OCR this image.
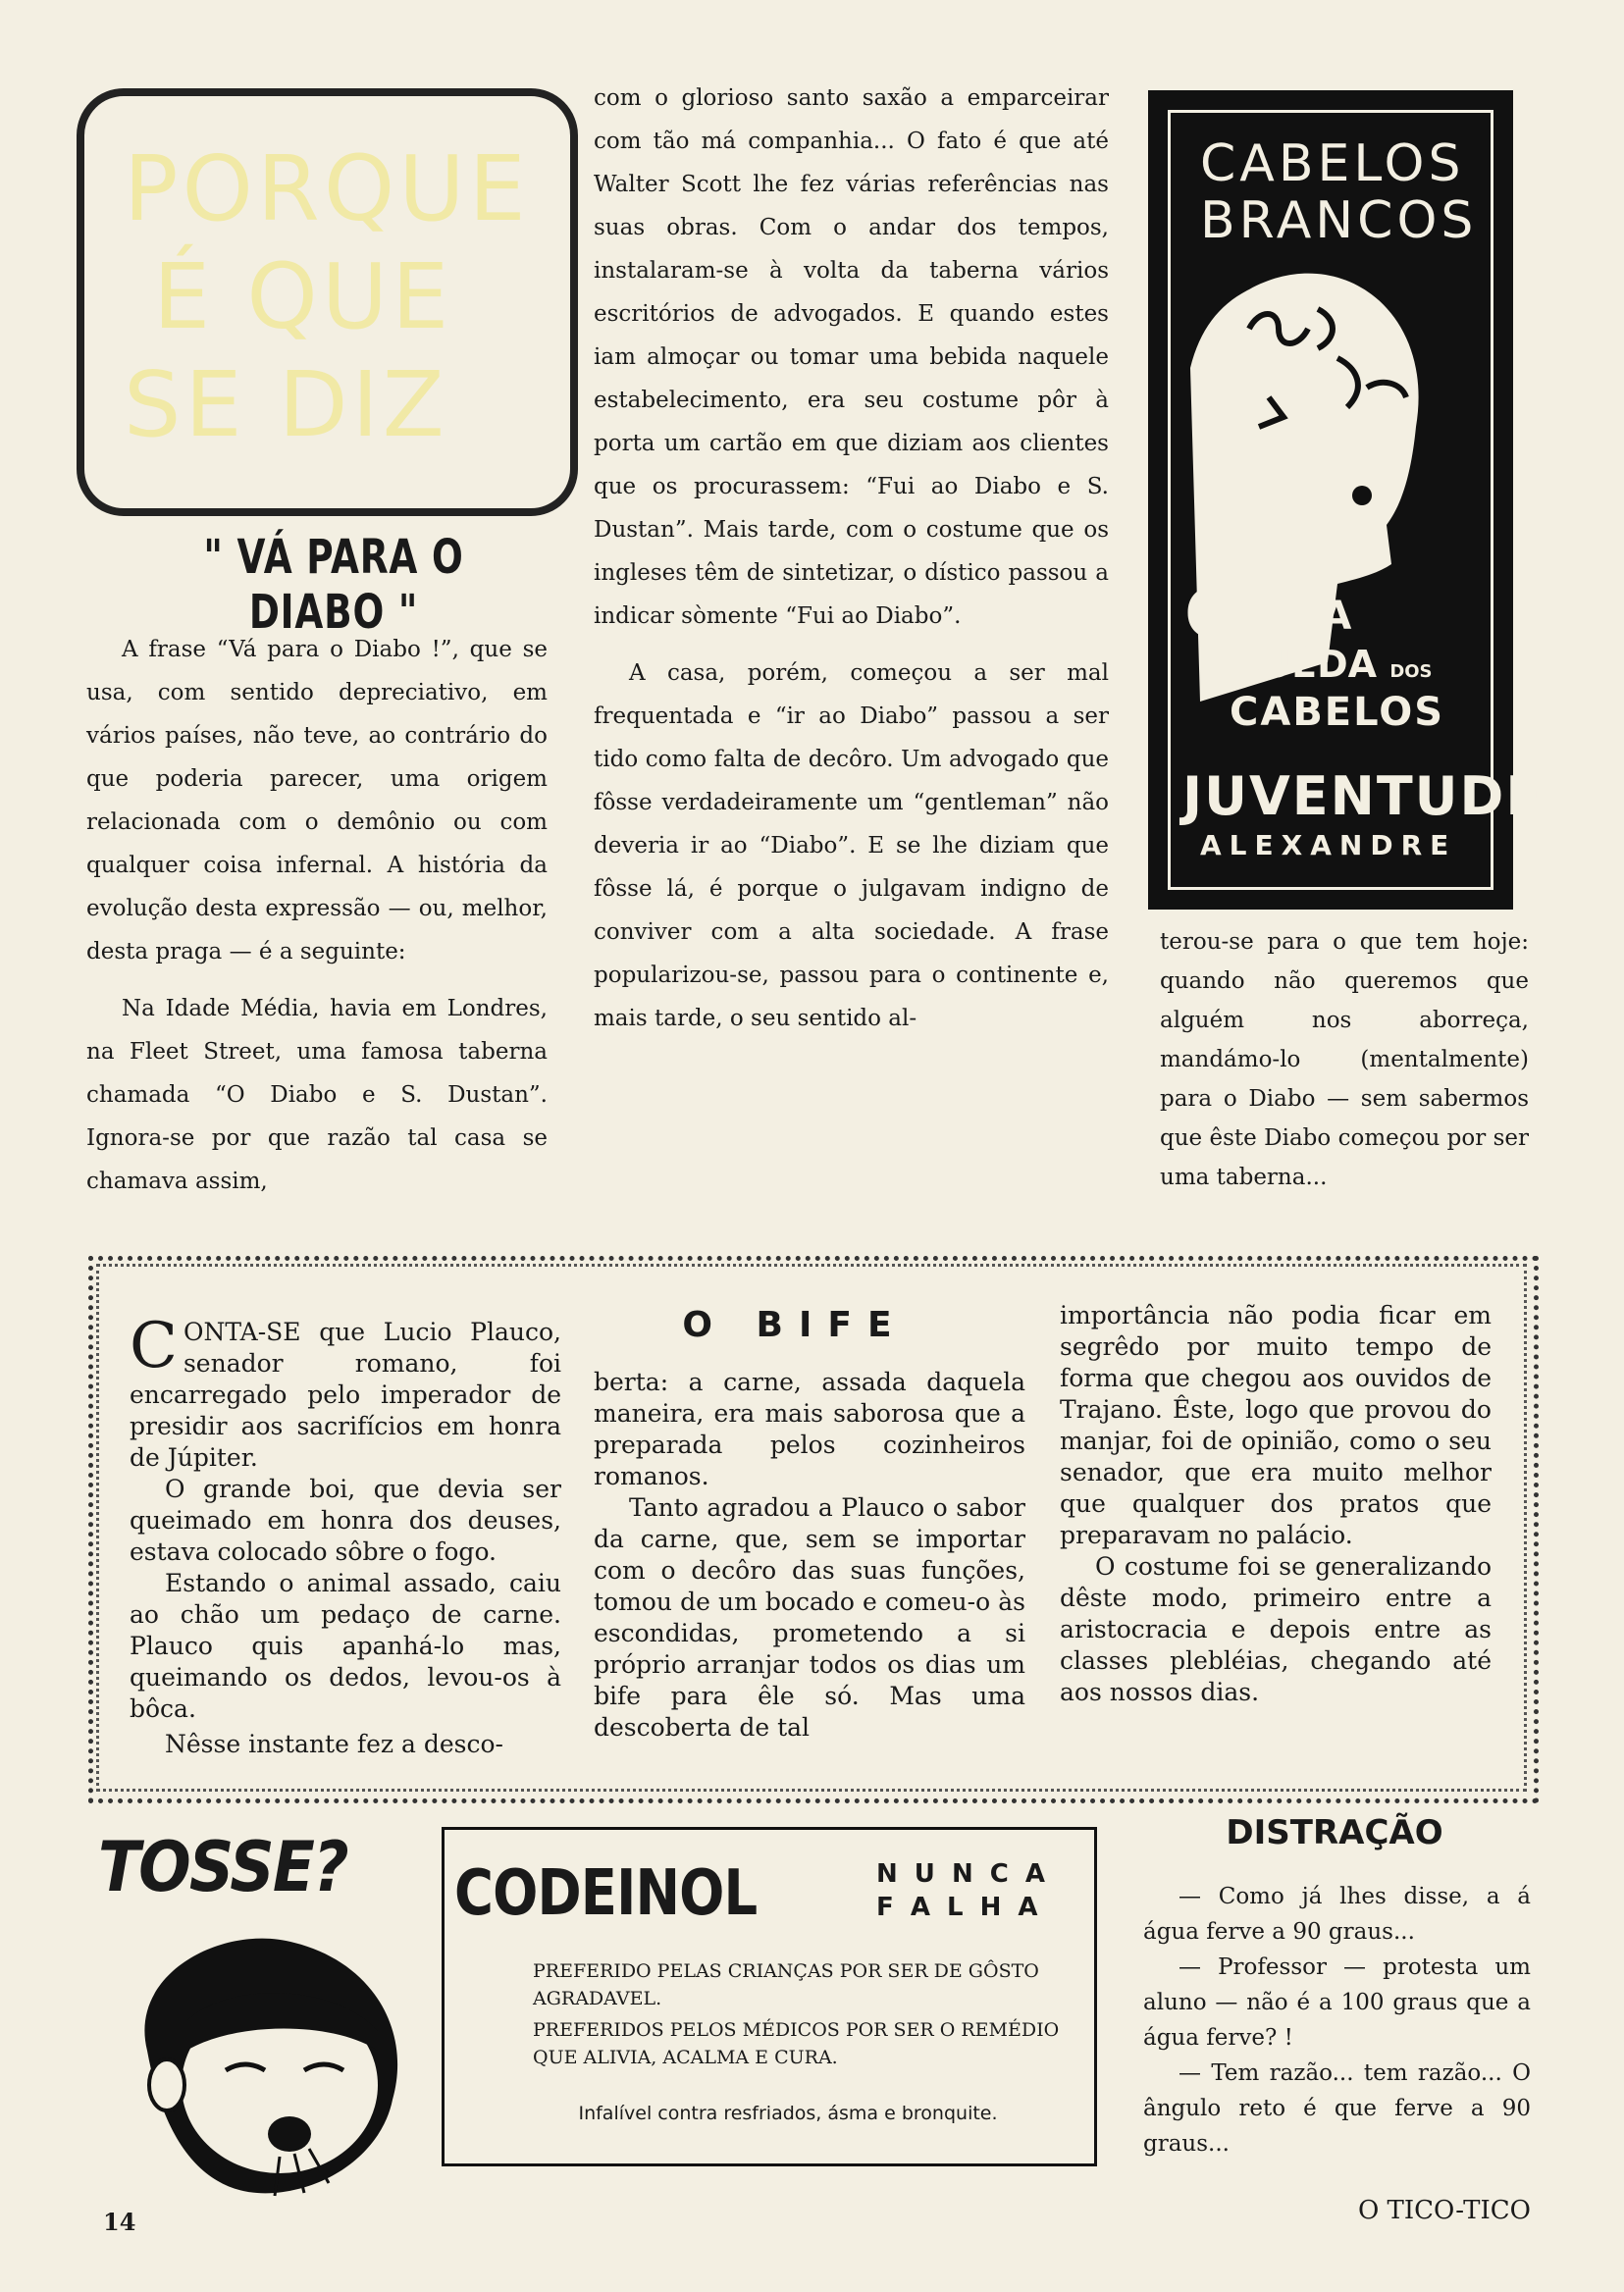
PORQUE
É QUE
SE DIZ
" VÁ PARA O DIABO "

A frase “Vá para o Diabo !”, que se usa, com sentido depreciativo, em vários países, não teve, ao contrário do que poderia parecer, uma origem relacionada com o demônio ou com qualquer coisa infernal. A história da evolução desta expressão — ou, melhor, desta praga — é a seguinte:

Na Idade Média, havia em Londres, na Fleet Street, uma famosa taberna chamada “O Diabo e S. Dustan”. Ignora-se por que razão tal casa se chamava assim,

com o glorioso santo saxão a emparceirar com tão má companhia... O fato é que até Walter Scott lhe fez várias referências nas suas obras. Com o andar dos tempos, instalaram-se à volta da taberna vários escritórios de advogados. E quando estes iam almoçar ou tomar uma bebida naquele estabelecimento, era seu costume pôr à porta um cartão em que diziam aos clientes que os procurassem: “Fui ao Diabo e S. Dustan”. Mais tarde, com o costume que os ingleses têm de sintetizar, o dístico passou a indicar sòmente “Fui ao Diabo”.

A casa, porém, começou a ser mal frequentada e “ir ao Diabo” passou a ser tido como falta de decôro. Um advogado que fôsse verdadeiramente um “gentleman” não deveria ir ao “Diabo”. E se lhe diziam que fôsse lá, é porque o julgavam indigno de conviver com a alta sociedade. A frase popularizou-se, passou para o continente e, mais tarde, o seu sentido al-

terou-se para o que tem hoje: quando não queremos que alguém nos aborreça, mandámo-lo (mentalmente) para o Diabo — sem sabermos que êste Diabo começou por ser uma taberna...

CABELOS
BRANCOS
C
ASPA
QUÉDA DOS
CABELOS
JUVENTUDE
ALEXANDRE
O BIFE

CONTA-SE que Lucio Plauco, senador romano, foi encarregado pelo imperador de presidir aos sacrifícios em honra de Júpiter.

O grande boi, que devia ser queimado em honra dos deuses, estava colocado sôbre o fogo.

Estando o animal assado, caiu ao chão um pedaço de carne. Plauco quis apanhá-lo mas, queimando os dedos, levou-os à bôca.

Nêsse instante fez a desco-

berta: a carne, assada daquela maneira, era mais saborosa que a preparada pelos cozinheiros romanos.

Tanto agradou a Plauco o sabor da carne, que, sem se importar com o decôro das suas funções, tomou de um bocado e comeu-o às escondidas, prometendo a si próprio arranjar todos os dias um bife para êle só. Mas uma descoberta de tal

importância não podia ficar em segrêdo por muito tempo de forma que chegou aos ouvidos de Trajano. Êste, logo que provou do manjar, foi de opinião, como o seu senador, que era muito melhor que qualquer dos pratos que preparavam no palácio.

O costume foi se generalizando dêste modo, primeiro entre a aristocracia e depois entre as classes plebléias, chegando até aos nossos dias.

TOSSE? CODEINOL	N U N C A
F A L H A
PREFERIDO PELAS CRIANÇAS POR SER DE GÔSTO AGRADAVEL.
PREFERIDOS PELOS MÉDICOS POR SER O REMÉDIO QUE ALIVIA, ACALMA E CURA.
Infalível contra resfriados, ásma e bronquite.
DISTRAÇÃO

— Como já lhes disse, a á água ferve a 90 graus...

— Professor — protesta um aluno — não é a 100 graus que a água ferve? !

— Tem razão... tem razão... O ângulo reto é que ferve a 90 graus...

14	O TICO-TICO
